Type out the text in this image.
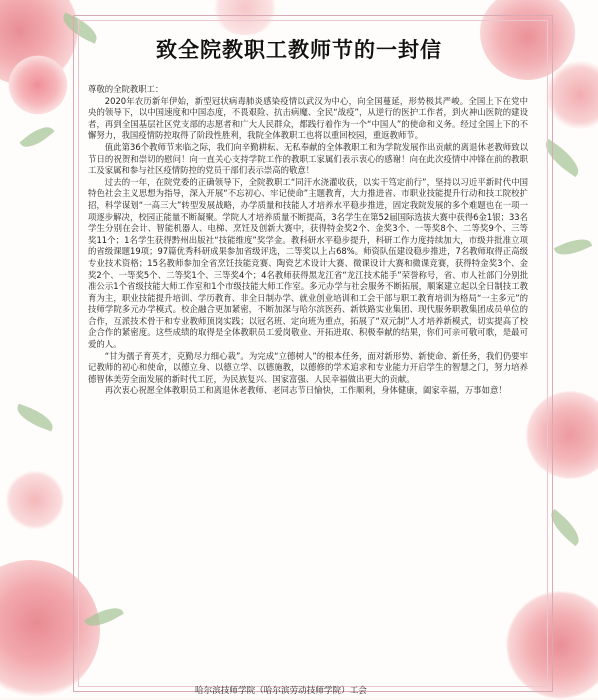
致全院教职工教师节的一封信

尊敬的全院教职工：

2020年农历新年伊始，新型冠状病毒肺炎感染疫情以武汉为中心，向全国蔓延，形势极其严峻。全国上下在党中央的领导下，以中国速度和中国态度，不畏艰险、抗击病魔、全民“战疫”，从逆行的医护工作者，到火神山医院的建设者，再到全国基层社区党支部的志愿者和广大人民群众，都践行着作为一个“中国人”的使命和义务。经过全国上下的不懈努力，我国疫情防控取得了阶段性胜利，我院全体教职工也将以重回校园，重返教师节。

值此第36个教师节来临之际，我们向辛勤耕耘、无私奉献的全体教职工和为学院发展作出贡献的离退休老教师致以节日的祝贺和崇切的慰问！向一直关心支持学院工作的教职工家属们表示衷心的感谢！向在此次疫情中冲锋在前的教职工及家属和参与社区疫情防控的党员干部们表示崇高的敬意！

过去的一年，在院党委的正确领导下，全院教职工“同汗水浇灌收获，以实干笃定前行”，坚持以习近平新时代中国特色社会主义思想为指导，深入开展“不忘初心、牢记使命”主题教育，大力推进省、市职业技能提升行动和技工院校扩招，科学谋划“一高三大”转型发展战略，办学质量和技能人才培养水平稳步推进，固定我院发展的多个难题也在一项一项逐步解决，校园正能量不断凝聚。学院人才培养质量不断提高，3名学生在第52届国际选拔大赛中获得6金1银；33名学生分别在会计、智能机器人、电梯、烹饪及创新大赛中，获得特金奖2个、金奖3个、一等奖8个、二等奖9个、三等奖11个；1名学生获得黔州出版社“技能维度”奖学金。教科研水平稳步提升，科研工作力度持续加大，市级并批准立项的省级课题19项；97篇优秀科研成果参加省级评选，二等奖以上占68%。师资队伍建设稳步推进，7名教师取得正高级专业技术资格；15名教师参加全省烹饪技能竞赛、陶瓷艺术设计大赛、微课设计大赛和微课竞赛，获得特金奖3个、金奖2个、一等奖5个、二等奖1个、三等奖4个；4名教师获得黑龙江省“龙江技术能手”荣誉称号，省、市人社部门分别批准公示1个省级技能大师工作室和1个市级技能大师工作室。多元办学与社会服务不断拓展，顺案建立起以全日制技工教育为主，职业技能提升培训、学历教育、非全日制办学、就业创业培训和工会干部与职工教育培训为格局“一主多元”的技师学院多元办学模式。校企融合更加紧密，不断加深与哈尔滨医药、新铁路实业集团、现代服务职教集团成员单位的合作，互派技术骨干和专业教师顶岗实践；以冠名班、定向班为重点，拓展了“双元制”人才培养新模式，切实提高了校企合作的紧密度。这些成绩的取得是全体教职员工爱岗敬业、开拓进取、积极奉献的结果，你们可亲可敬可歌，是最可爱的人。

“甘为孺子育英才，克勤尽力细心栽”。为完成“立德树人”的根本任务，面对新形势、新使命、新任务，我们仍要牢记教师的初心和使命，以德立身、以德立学、以德施教，以德修的学术追求和专业能力开启学生的智慧之门，努力培养德智体美劳全面发展的新时代工匠，为民族复兴、国家富强、人民幸福做出更大的贡献。

再次衷心祝愿全体教职员工和离退休老教师、老同志节日愉快，工作顺利，身体健康，阖家幸福，万事如意！

哈尔滨技师学院（哈尔滨劳动技师学院）工会
